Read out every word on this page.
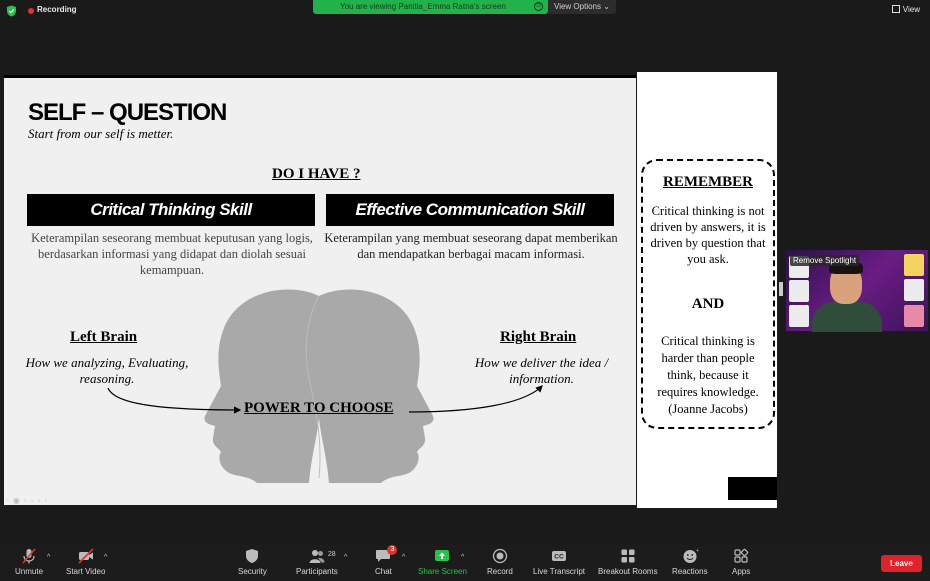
Recording	You are viewing Panitia_Emma Ratna's screen	⊙	View Options ⌄	View
SELF – QUESTION
Start from our self is metter.
DO I HAVE ?
Critical Thinking Skill	Effective Communication Skill
Keterampilan seseorang membuat keputusan yang logis, berdasarkan informasi yang didapat dan diolah sesuai kemampuan.
Keterampilan yang membuat seseorang dapat memberikan dan mendapatkan berbagai macam informasi.
Left Brain	Right Brain
How we analyzing, Evaluating, reasoning.
How we deliver the idea / information.
POWER TO CHOOSE
◦◉◦◦◦◦
REMEMBER
Critical thinking is not driven by answers, it is driven by question that you ask.
AND
Critical thinking is harder than people think, because it requires knowledge. (Joanne Jacobs)
Remove Spotlight
Unmute
^
Start Video
^
Security
28
Participants
^
3
Chat
^
Share Screen
^
Record
CC
Live Transcript Breakout Rooms
+
Reactions	Apps
Leave
